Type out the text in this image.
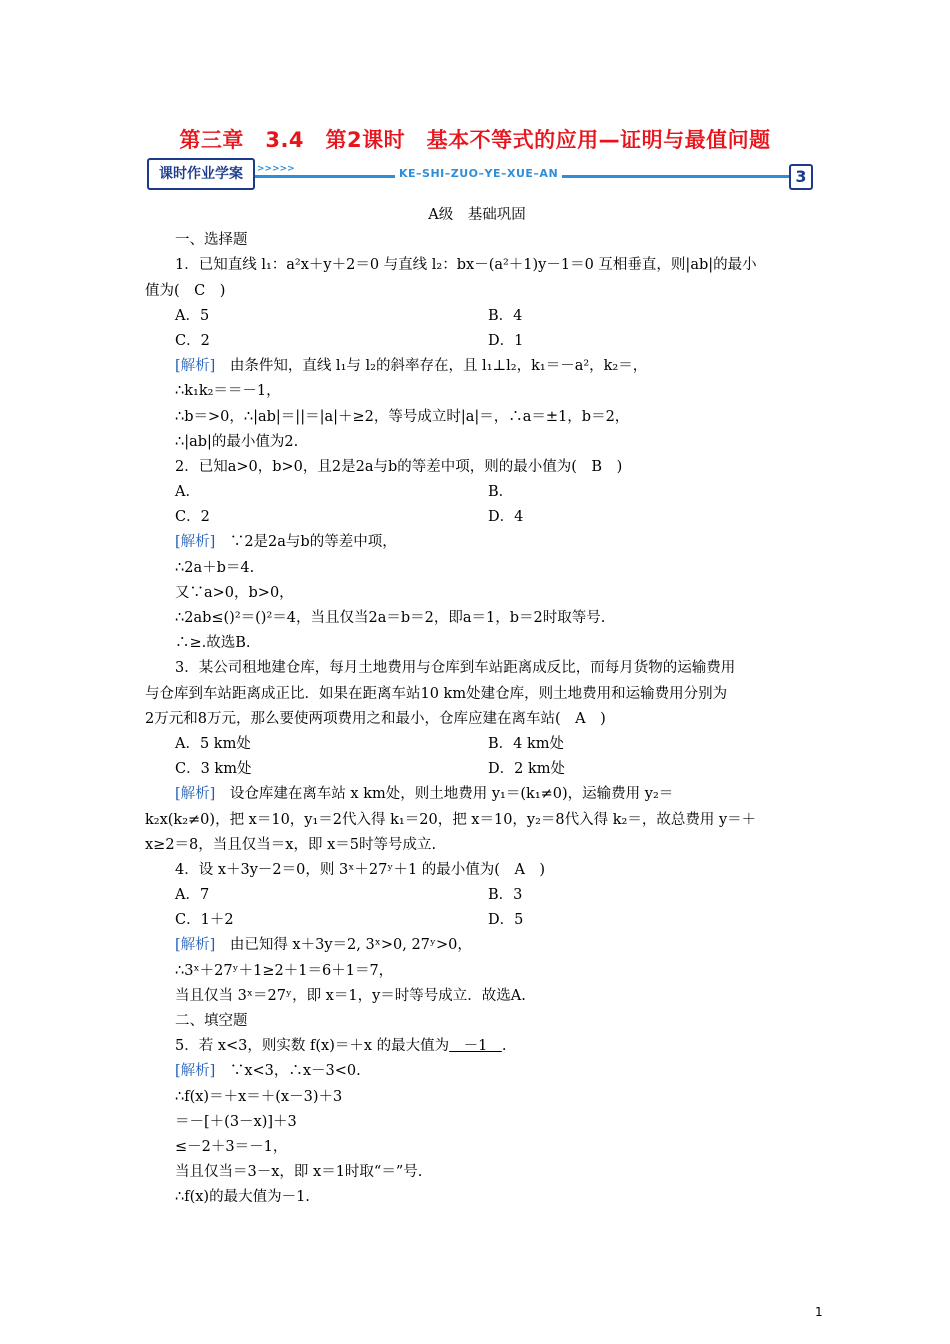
第三章　3.4　第2课时　基本不等式的应用—证明与最值问题
课时作业学案	>>>>>	KE–SHI–ZUO–YE–XUE–AN	3
A级　基础巩固
一、选择题
1．已知直线 l₁：a²x＋y＋2＝0 与直线 l₂：bx－(a²＋1)y－1＝0 互相垂直，则|ab|的最小
值为(　C　)
A．5	B．4
C．2	D．1
[解析]　由条件知，直线 l₁与 l₂的斜率存在，且 l₁⊥l₂，k₁＝－a²，k₂＝，
∴k₁k₂＝＝－1，
∴b＝>0，∴|ab|＝||＝|a|＋≥2，等号成立时|a|＝，∴a＝±1，b＝2，
∴|ab|的最小值为2.
2．已知a>0，b>0，且2是2a与b的等差中项，则的最小值为(　B　)
A．	B．
C．2	D．4
[解析]　∵2是2a与b的等差中项，
∴2a＋b＝4.
又∵a>0，b>0，
∴2ab≤()²＝()²＝4，当且仅当2a＝b＝2，即a＝1，b＝2时取等号.
∴≥.故选B.
3．某公司租地建仓库，每月土地费用与仓库到车站距离成反比，而每月货物的运输费用
与仓库到车站距离成正比．如果在距离车站10 km处建仓库，则土地费用和运输费用分别为
2万元和8万元，那么要使两项费用之和最小，仓库应建在离车站(　A　)
A．5 km处	B．4 km处
C．3 km处	D．2 km处
[解析]　设仓库建在离车站 x km处，则土地费用 y₁＝(k₁≠0)，运输费用 y₂＝
k₂x(k₂≠0)，把 x＝10，y₁＝2代入得 k₁＝20，把 x＝10，y₂＝8代入得 k₂＝，故总费用 y＝＋
x≥2＝8，当且仅当＝x，即 x＝5时等号成立.
4．设 x＋3y－2＝0，则 3ˣ＋27ʸ＋1 的最小值为(　A　)
A．7	B．3
C．1＋2	D．5
[解析]　由已知得 x＋3y＝2, 3ˣ>0, 27ʸ>0，
∴3ˣ＋27ʸ＋1≥2＋1＝6＋1＝7，
当且仅当 3ˣ＝27ʸ，即 x＝1，y＝时等号成立．故选A.
二、填空题
5．若 x<3，则实数 f(x)＝＋x 的最大值为　－1　.
[解析]　∵x<3，∴x－3<0.
∴f(x)＝＋x＝＋(x－3)＋3
＝－[＋(3－x)]＋3
≤－2＋3＝－1，
当且仅当＝3－x，即 x＝1时取“＝”号.
∴f(x)的最大值为－1.
1
